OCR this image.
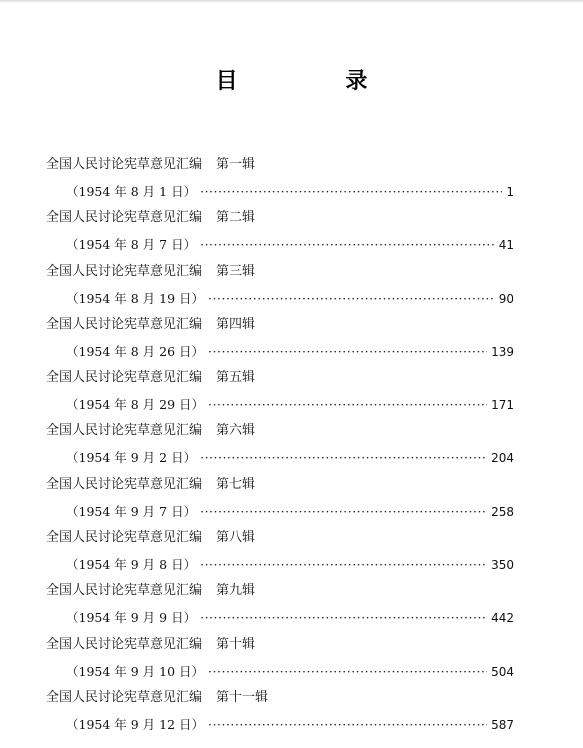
目 录
全国人民讨论宪草意见汇编 第一辑
（1954 年 8 月 1 日） ·····	1
全国人民讨论宪草意见汇编 第二辑
（1954 年 8 月 7 日） ·····	41
全国人民讨论宪草意见汇编 第三辑
（1954 年 8 月 19 日） ·····	90
全国人民讨论宪草意见汇编 第四辑
（1954 年 8 月 26 日） ·····	139
全国人民讨论宪草意见汇编 第五辑
（1954 年 8 月 29 日） ·····	171
全国人民讨论宪草意见汇编 第六辑
（1954 年 9 月 2 日） ·····	204
全国人民讨论宪草意见汇编 第七辑
（1954 年 9 月 7 日） ·····	258
全国人民讨论宪草意见汇编 第八辑
（1954 年 9 月 8 日） ·····	350
全国人民讨论宪草意见汇编 第九辑
（1954 年 9 月 9 日） ·····	442
全国人民讨论宪草意见汇编 第十辑
（1954 年 9 月 10 日） ·····	504
全国人民讨论宪草意见汇编 第十一辑
（1954 年 9 月 12 日） ·····	587
